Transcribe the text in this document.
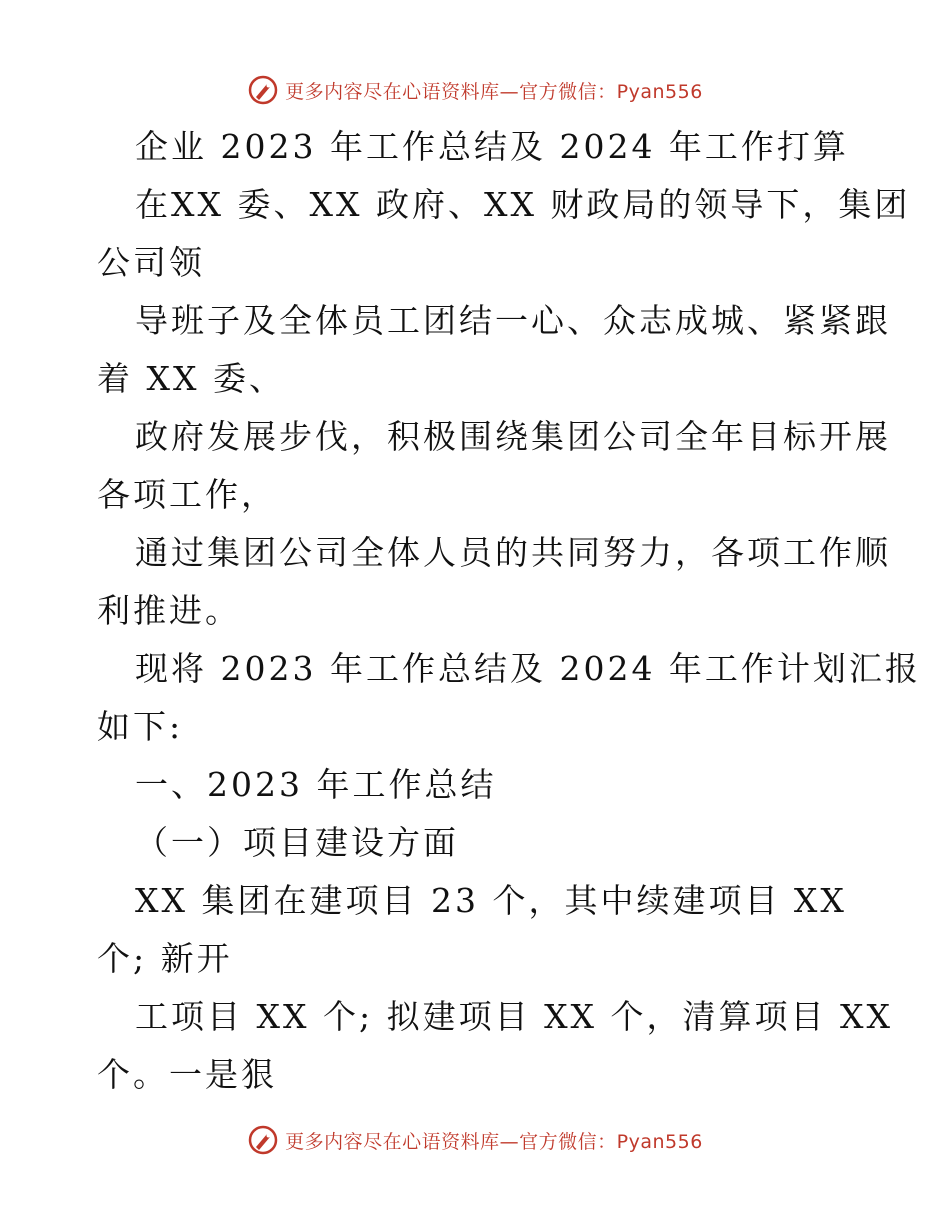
更多内容尽在心语资料库—官方微信：Pyan556
企业 2023 年工作总结及 2024 年工作打算
在XX 委、XX 政府、XX 财政局的领导下，集团
公司领
导班子及全体员工团结一心、众志成城、紧紧跟
着 XX 委、
政府发展步伐，积极围绕集团公司全年目标开展
各项工作，
通过集团公司全体人员的共同努力，各项工作顺
利推进。
现将 2023 年工作总结及 2024 年工作计划汇报
如下:
一、2023 年工作总结
（一）项目建设方面
XX 集团在建项目 23 个，其中续建项目 XX
个; 新开
工项目 XX 个; 拟建项目 XX 个，清算项目 XX
个。一是狠
更多内容尽在心语资料库—官方微信：Pyan556
